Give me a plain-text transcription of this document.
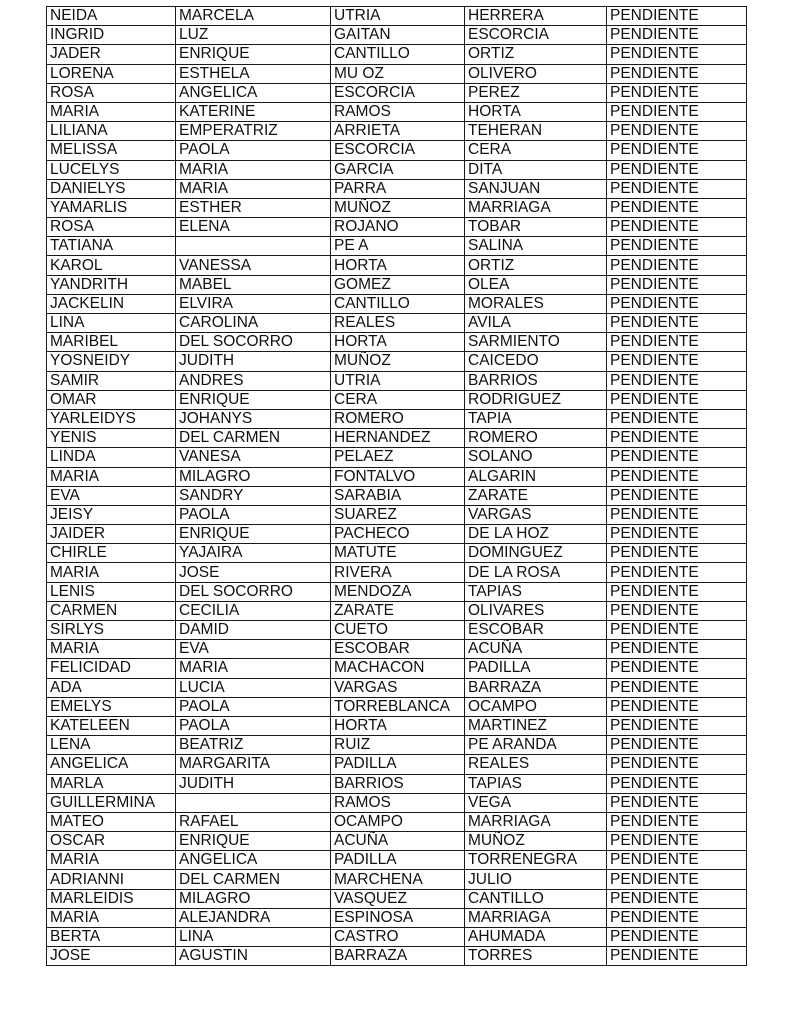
NEIDA	MARCELA	UTRIA	HERRERA	PENDIENTE
INGRID	LUZ	GAITAN	ESCORCIA	PENDIENTE
JADER	ENRIQUE	CANTILLO	ORTIZ	PENDIENTE
LORENA	ESTHELA	MU OZ	OLIVERO	PENDIENTE
ROSA	ANGELICA	ESCORCIA	PEREZ	PENDIENTE
MARIA	KATERINE	RAMOS	HORTA	PENDIENTE
LILIANA	EMPERATRIZ	ARRIETA	TEHERAN	PENDIENTE
MELISSA	PAOLA	ESCORCIA	CERA	PENDIENTE
LUCELYS	MARIA	GARCIA	DITA	PENDIENTE
DANIELYS	MARIA	PARRA	SANJUAN	PENDIENTE
YAMARLIS	ESTHER	MUÑOZ	MARRIAGA	PENDIENTE
ROSA	ELENA	ROJANO	TOBAR	PENDIENTE
TATIANA		PE A	SALINA	PENDIENTE
KAROL	VANESSA	HORTA	ORTIZ	PENDIENTE
YANDRITH	MABEL	GOMEZ	OLEA	PENDIENTE
JACKELIN	ELVIRA	CANTILLO	MORALES	PENDIENTE
LINA	CAROLINA	REALES	AVILA	PENDIENTE
MARIBEL	DEL SOCORRO	HORTA	SARMIENTO	PENDIENTE
YOSNEIDY	JUDITH	MUÑOZ	CAICEDO	PENDIENTE
SAMIR	ANDRES	UTRIA	BARRIOS	PENDIENTE
OMAR	ENRIQUE	CERA	RODRIGUEZ	PENDIENTE
YARLEIDYS	JOHANYS	ROMERO	TAPIA	PENDIENTE
YENIS	DEL CARMEN	HERNANDEZ	ROMERO	PENDIENTE
LINDA	VANESA	PELAEZ	SOLANO	PENDIENTE
MARIA	MILAGRO	FONTALVO	ALGARIN	PENDIENTE
EVA	SANDRY	SARABIA	ZARATE	PENDIENTE
JEISY	PAOLA	SUAREZ	VARGAS	PENDIENTE
JAIDER	ENRIQUE	PACHECO	DE LA HOZ	PENDIENTE
CHIRLE	YAJAIRA	MATUTE	DOMINGUEZ	PENDIENTE
MARIA	JOSE	RIVERA	DE LA ROSA	PENDIENTE
LENIS	DEL SOCORRO	MENDOZA	TAPIAS	PENDIENTE
CARMEN	CECILIA	ZARATE	OLIVARES	PENDIENTE
SIRLYS	DAMID	CUETO	ESCOBAR	PENDIENTE
MARIA	EVA	ESCOBAR	ACUÑA	PENDIENTE
FELICIDAD	MARIA	MACHACON	PADILLA	PENDIENTE
ADA	LUCIA	VARGAS	BARRAZA	PENDIENTE
EMELYS	PAOLA	TORREBLANCA	OCAMPO	PENDIENTE
KATELEEN	PAOLA	HORTA	MARTINEZ	PENDIENTE
LENA	BEATRIZ	RUIZ	PE ARANDA	PENDIENTE
ANGELICA	MARGARITA	PADILLA	REALES	PENDIENTE
MARLA	JUDITH	BARRIOS	TAPIAS	PENDIENTE
GUILLERMINA		RAMOS	VEGA	PENDIENTE
MATEO	RAFAEL	OCAMPO	MARRIAGA	PENDIENTE
OSCAR	ENRIQUE	ACUÑA	MUÑOZ	PENDIENTE
MARIA	ANGELICA	PADILLA	TORRENEGRA	PENDIENTE
ADRIANNI	DEL CARMEN	MARCHENA	JULIO	PENDIENTE
MARLEIDIS	MILAGRO	VASQUEZ	CANTILLO	PENDIENTE
MARIA	ALEJANDRA	ESPINOSA	MARRIAGA	PENDIENTE
BERTA	LINA	CASTRO	AHUMADA	PENDIENTE
JOSE	AGUSTIN	BARRAZA	TORRES	PENDIENTE
